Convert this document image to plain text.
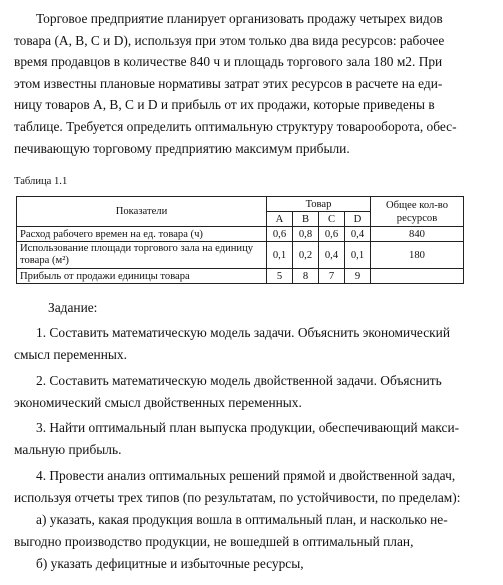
Торговое предприятие планирует организовать продажу четырех видов
товара (A, B, C и D), используя при этом только два вида ресурсов: рабочее
время продавцов в количестве 840 ч и площадь торгового зала 180 м2. При
этом известны плановые нормативы затрат этих ресурсов в расчете на еди-
ницу товаров A, B, C и D и прибыль от их продажи, которые приведены в
таблице. Требуется определить оптимальную структуру товарооборота, обес-
печивающую торговому предприятию максимум прибыли.
Таблица 1.1
Показатели	Товар				Общее кол-во ресурсов
	A	B	C	D	
Расход рабочего времен на ед. товара (ч)	0,6	0,8	0,6	0,4	840
Использование площади торгового зала на единицу товара (м²)	0,1	0,2	0,4	0,1	180
Прибыль от продажи единицы товара	5	8	7	9	
Задание:
1. Составить математическую модель задачи. Объяснить экономический
смысл переменных.
2. Составить математическую модель двойственной задачи. Объяснить
экономический смысл двойственных переменных.
3. Найти оптимальный план выпуска продукции, обеспечивающий макси-
мальную прибыль.
4. Провести анализ оптимальных решений прямой и двойственной задач,
используя отчеты трех типов (по результатам, по устойчивости, по пределам):
а) указать, какая продукция вошла в оптимальный план, и насколько не-
выгодно производство продукции, не вошедшей в оптимальный план,
б) указать дефицитные и избыточные ресурсы,
